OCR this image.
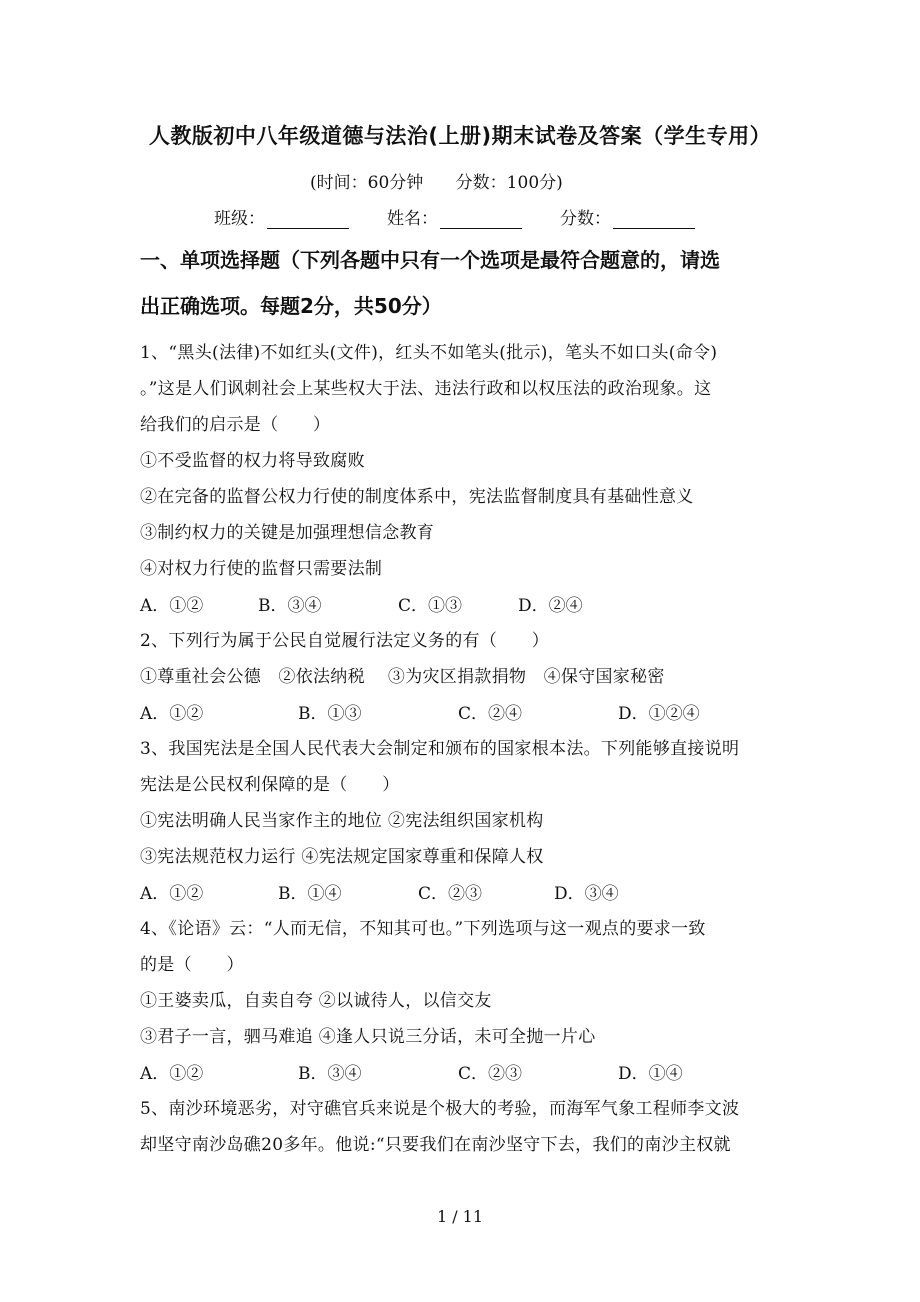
人教版初中八年级道德与法治(上册)期末试卷及答案（学生专用）
(时间：60分钟      分数：100分)
班级：	姓名：	分数：
一、单项选择题（下列各题中只有一个选项是最符合题意的，请选
出正确选项。每题2分，共50分）
1、“黑头(法律)不如红头(文件)，红头不如笔头(批示)，笔头不如口头(命令)
。”这是人们讽刺社会上某些权大于法、违法行政和以权压法的政治现象。这
给我们的启示是（　　）
①不受监督的权力将导致腐败
②在完备的监督公权力行使的制度体系中，宪法监督制度具有基础性意义
③制约权力的关键是加强理想信念教育
④对权力行使的监督只需要法制
A．①②	B．③④	C．①③	D．②④
2、下列行为属于公民自觉履行法定义务的有（　　）
①尊重社会公德　②依法纳税　 ③为灾区捐款捐物　④保守国家秘密
A．①②	B．①③	C．②④	D．①②④
3、我国宪法是全国人民代表大会制定和颁布的国家根本法。下列能够直接说明
宪法是公民权利保障的是（　　）
①宪法明确人民当家作主的地位 ②宪法组织国家机构
③宪法规范权力运行 ④宪法规定国家尊重和保障人权
A．①②	B．①④	C．②③	D．③④
4、《论语》云：“人而无信，不知其可也。”下列选项与这一观点的要求一致
的是（　　）
①王婆卖瓜，自卖自夸 ②以诚待人，以信交友
③君子一言，驷马难追 ④逢人只说三分话，未可全抛一片心
A．①②	B．③④	C．②③	D．①④
5、南沙环境恶劣，对守礁官兵来说是个极大的考验，而海军气象工程师李文波
却坚守南沙岛礁20多年。他说:“只要我们在南沙坚守下去，我们的南沙主权就
1 / 11
